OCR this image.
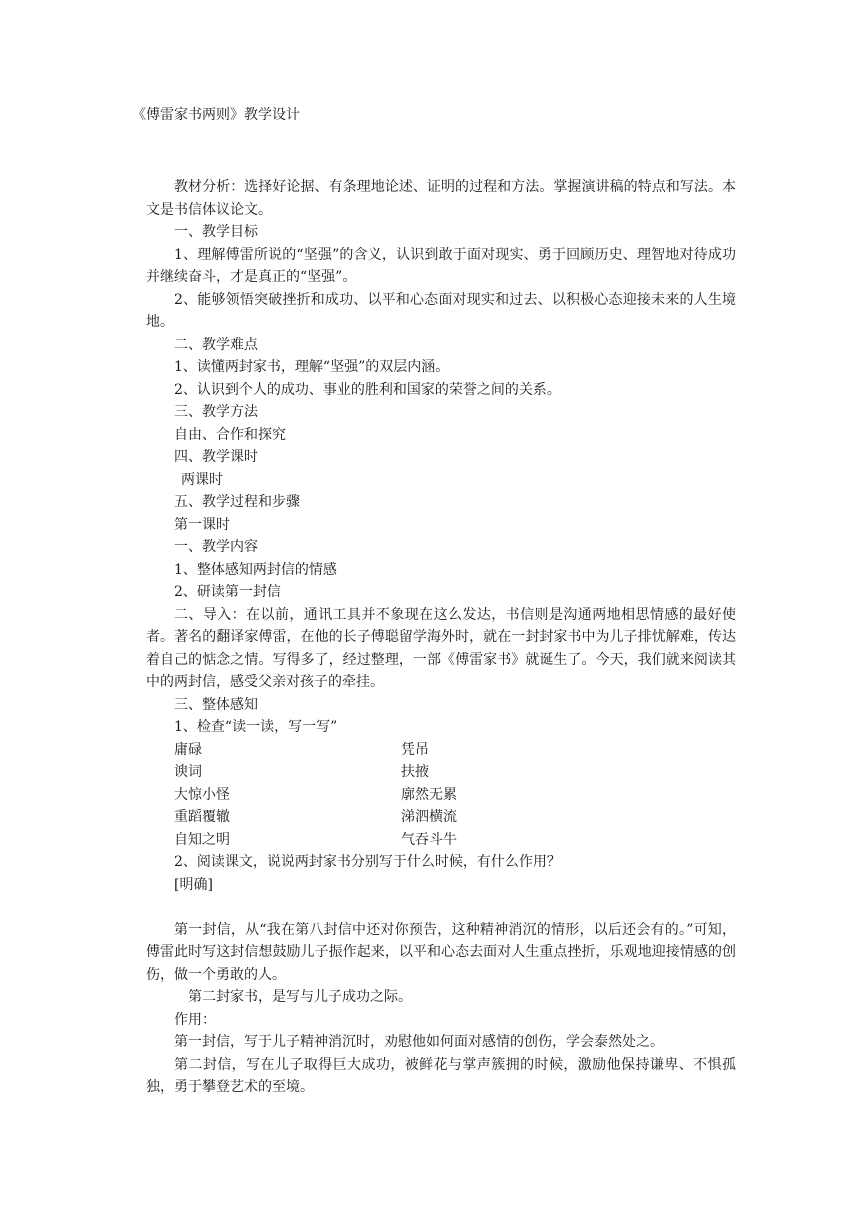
《傅雷家书两则》教学设计

教材分析：选择好论据、有条理地论述、证明的过程和方法。掌握演讲稿的特点和写法。本文是书信体议论文。

一、教学目标

1、理解傅雷所说的“坚强”的含义，认识到敢于面对现实、勇于回顾历史、理智地对待成功并继续奋斗，才是真正的“坚强”。

2、能够领悟突破挫折和成功、以平和心态面对现实和过去、以积极心态迎接未来的人生境地。

二、教学难点

1、读懂两封家书，理解“坚强”的双层内涵。

2、认识到个人的成功、事业的胜利和国家的荣誉之间的关系。

三、教学方法

自由、合作和探究

四、教学课时

两课时

五、教学过程和步骤

第一课时

一、教学内容

1、整体感知两封信的情感

2、研读第一封信

二、导入：在以前，通讯工具并不象现在这么发达，书信则是沟通两地相思情感的最好使者。著名的翻译家傅雷，在他的长子傅聪留学海外时，就在一封封家书中为儿子排忧解难，传达着自己的惦念之情。写得多了，经过整理，一部《傅雷家书》就诞生了。今天，我们就来阅读其中的两封信，感受父亲对孩子的牵挂。

三、整体感知

1、检查“读一读，写一写”

庸碌	凭吊
谀词	扶掖
大惊小怪	廓然无累
重蹈覆辙	涕泗横流
自知之明	气吞斗牛

2、阅读课文，说说两封家书分别写于什么时候，有什么作用？

[明确]

第一封信，从“我在第八封信中还对你预告，这种精神消沉的情形，以后还会有的。”可知，傅雷此时写这封信想鼓励儿子振作起来，以平和心态去面对人生重点挫折，乐观地迎接情感的创伤，做一个勇敢的人。

第二封家书，是写与儿子成功之际。

作用：

第一封信，写于儿子精神消沉时，劝慰他如何面对感情的创伤，学会泰然处之。

第二封信，写在儿子取得巨大成功，被鲜花与掌声簇拥的时候，激励他保持谦卑、不惧孤独，勇于攀登艺术的至境。
